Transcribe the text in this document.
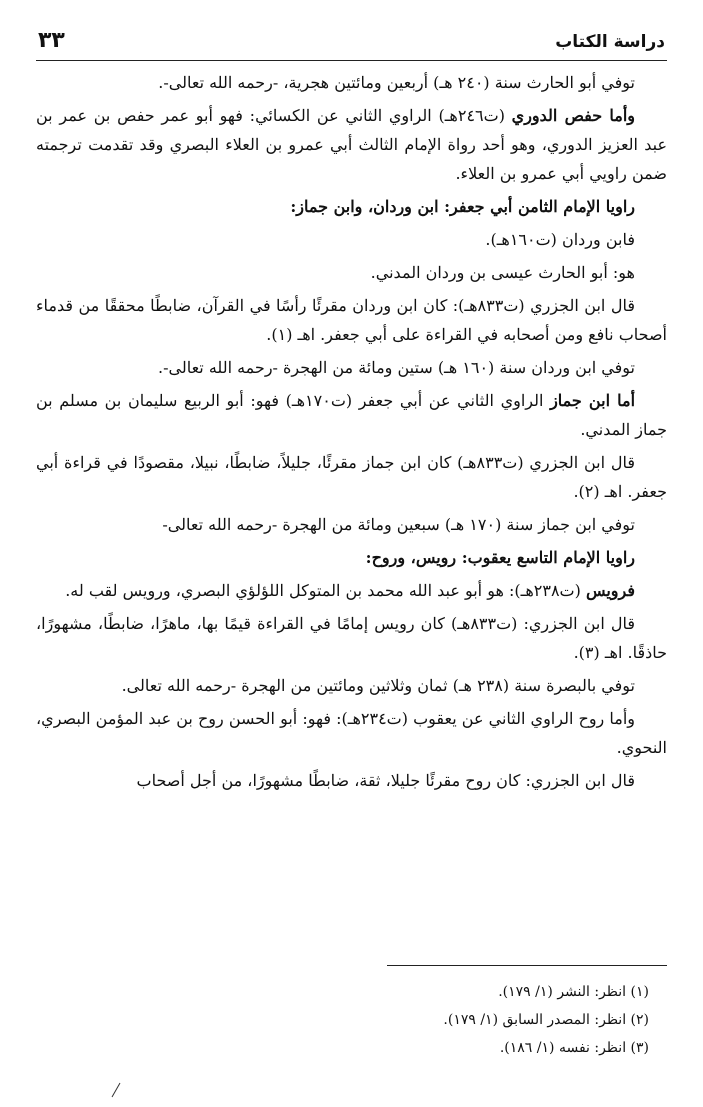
دراسة الكتاب
٣٣

توفي أبو الحارث سنة (٢٤٠ هـ) أربعين ومائتين هجرية، -رحمه الله تعالى-.

وأما حفص الدوري (ت٢٤٦هـ) الراوي الثاني عن الكسائي: فهو أبو عمر حفص بن عمر بن عبد العزيز الدوري، وهو أحد رواة الإمام الثالث أبي عمرو بن العلاء البصري وقد تقدمت ترجمته ضمن راويي أبي عمرو بن العلاء.

راويا الإمام الثامن أبي جعفر: ابن وردان، وابن جماز:

فابن وردان (ت١٦٠هـ).

هو: أبو الحارث عيسى بن وردان المدني.

قال ابن الجزري (ت٨٣٣هـ): كان ابن وردان مقرئًا رأسًا في القرآن، ضابطًا محققًا من قدماء أصحاب نافع ومن أصحابه في القراءة على أبي جعفر. اهـ (١).

توفي ابن وردان سنة (١٦٠ هـ) ستين ومائة من الهجرة -رحمه الله تعالى-.

أما ابن جماز الراوي الثاني عن أبي جعفر (ت١٧٠هـ) فهو: أبو الربيع سليمان بن مسلم بن جماز المدني.

قال ابن الجزري (ت٨٣٣هـ) كان ابن جماز مقرئًا، جليلاً، ضابطًا، نبيلا، مقصودًا في قراءة أبي جعفر. اهـ (٢).

توفي ابن جماز سنة (١٧٠ هـ) سبعين ومائة من الهجرة -رحمه الله تعالى-

راويا الإمام التاسع يعقوب: رويس، وروح:

فرويس (ت٢٣٨هـ): هو أبو عبد الله محمد بن المتوكل اللؤلؤي البصري، ورويس لقب له.

قال ابن الجزري: (ت٨٣٣هـ) كان رويس إمامًا في القراءة قيمًا بها، ماهرًا، ضابطًا، مشهورًا، حاذقًا. اهـ (٣).

توفي بالبصرة سنة (٢٣٨ هـ) ثمان وثلاثين ومائتين من الهجرة -رحمه الله تعالى.

وأما روح الراوي الثاني عن يعقوب (ت٢٣٤هـ): فهو: أبو الحسن روح بن عبد المؤمن البصري، النحوي.

قال ابن الجزري: كان روح مقرئًا جليلا، ثقة، ضابطًا مشهورًا، من أجل أصحاب

(١) انظر: النشر (١/ ١٧٩).

(٢) انظر: المصدر السابق (١/ ١٧٩).

(٣) انظر: نفسه (١/ ١٨٦).
